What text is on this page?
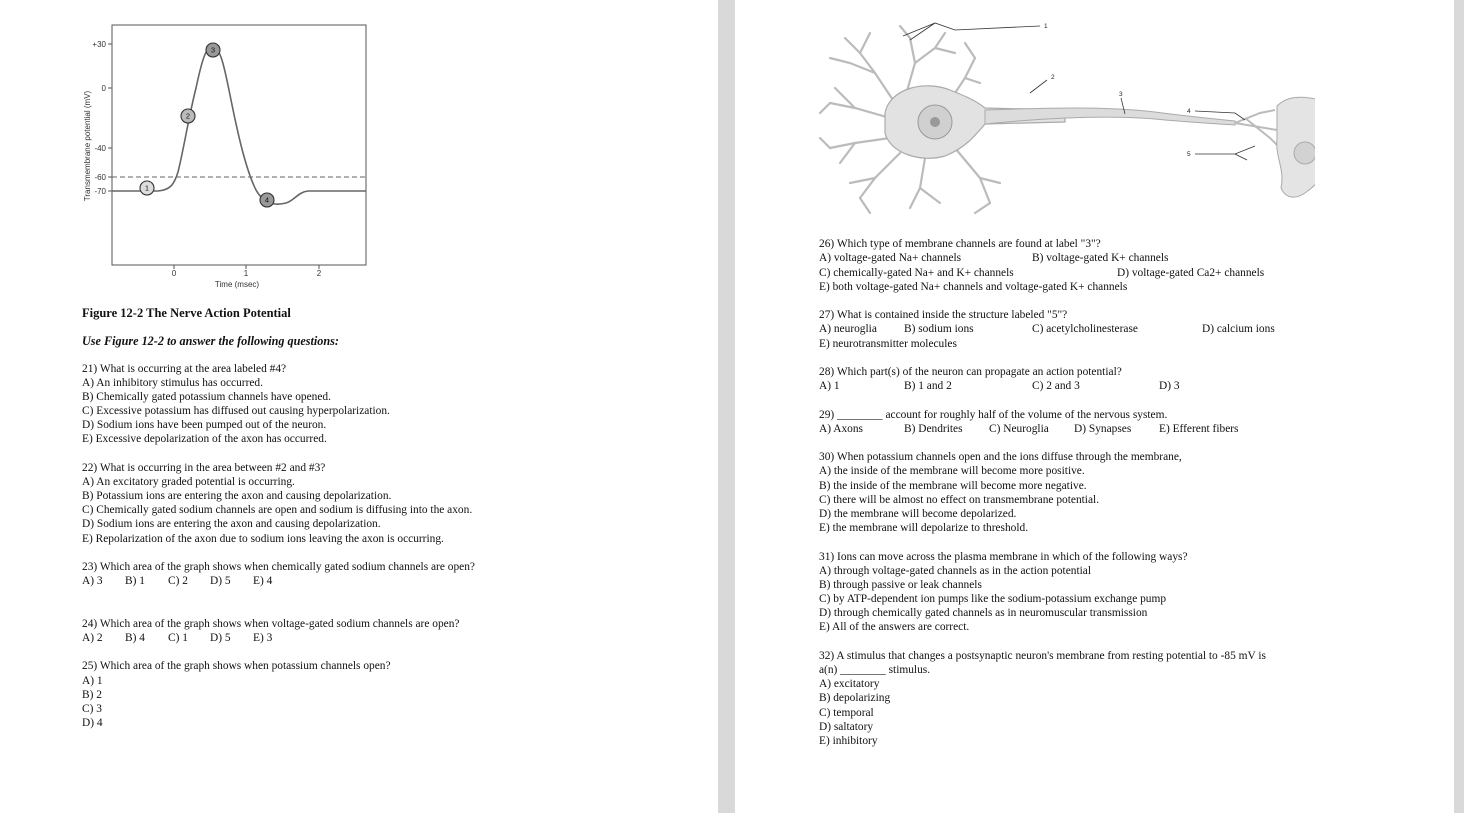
+30
0
-40
-60
-70
0	1	2
Time (msec)
Transmembrane potential (mV)	1
2
3
4
Figure 12-2 The Nerve Action Potential
Use Figure 12-2 to answer the following questions:
21) What is occurring at the area labeled #4?
A) An inhibitory stimulus has occurred.
B) Chemically gated potassium channels have opened.
C) Excessive potassium has diffused out causing hyperpolarization.
D) Sodium ions have been pumped out of the neuron.
E) Excessive depolarization of the axon has occurred.
22) What is occurring in the area between #2 and #3?
A) An excitatory graded potential is occurring.
B) Potassium ions are entering the axon and causing depolarization.
C) Chemically gated sodium channels are open and sodium is diffusing into the axon.
D) Sodium ions are entering the axon and causing depolarization.
E) Repolarization of the axon due to sodium ions leaving the axon is occurring.
23) Which area of the graph shows when chemically gated sodium channels are open?
A) 3 B) 1 C) 2 D) 5 E) 4
24) Which area of the graph shows when voltage-gated sodium channels are open?
A) 2 B) 4 C) 1 D) 5 E) 3
25) Which area of the graph shows when potassium channels open?
A) 1
B) 2
C) 3
D) 4
1
2
3
4
5
26) Which type of membrane channels are found at label "3"?
A) voltage-gated Na+ channels	B) voltage-gated K+ channels
C) chemically-gated Na+ and K+ channels	D) voltage-gated Ca2+ channels
E) both voltage-gated Na+ channels and voltage-gated K+ channels
27) What is contained inside the structure labeled "5"?
A) neuroglia B) sodium ions	C) acetylcholinesterase	D) calcium ions
E) neurotransmitter molecules
28) Which part(s) of the neuron can propagate an action potential?
A) 1	B) 1 and 2	C) 2 and 3	D) 3
29) ________ account for roughly half of the volume of the nervous system.
A) Axons	B) Dendrites C) Neuroglia D) Synapses E) Efferent fibers
30) When potassium channels open and the ions diffuse through the membrane,
A) the inside of the membrane will become more positive.
B) the inside of the membrane will become more negative.
C) there will be almost no effect on transmembrane potential.
D) the membrane will become depolarized.
E) the membrane will depolarize to threshold.
31) Ions can move across the plasma membrane in which of the following ways?
A) through voltage-gated channels as in the action potential
B) through passive or leak channels
C) by ATP-dependent ion pumps like the sodium-potassium exchange pump
D) through chemically gated channels as in neuromuscular transmission
E) All of the answers are correct.
32) A stimulus that changes a postsynaptic neuron's membrane from resting potential to -85 mV is
a(n) ________ stimulus.
A) excitatory
B) depolarizing
C) temporal
D) saltatory
E) inhibitory
